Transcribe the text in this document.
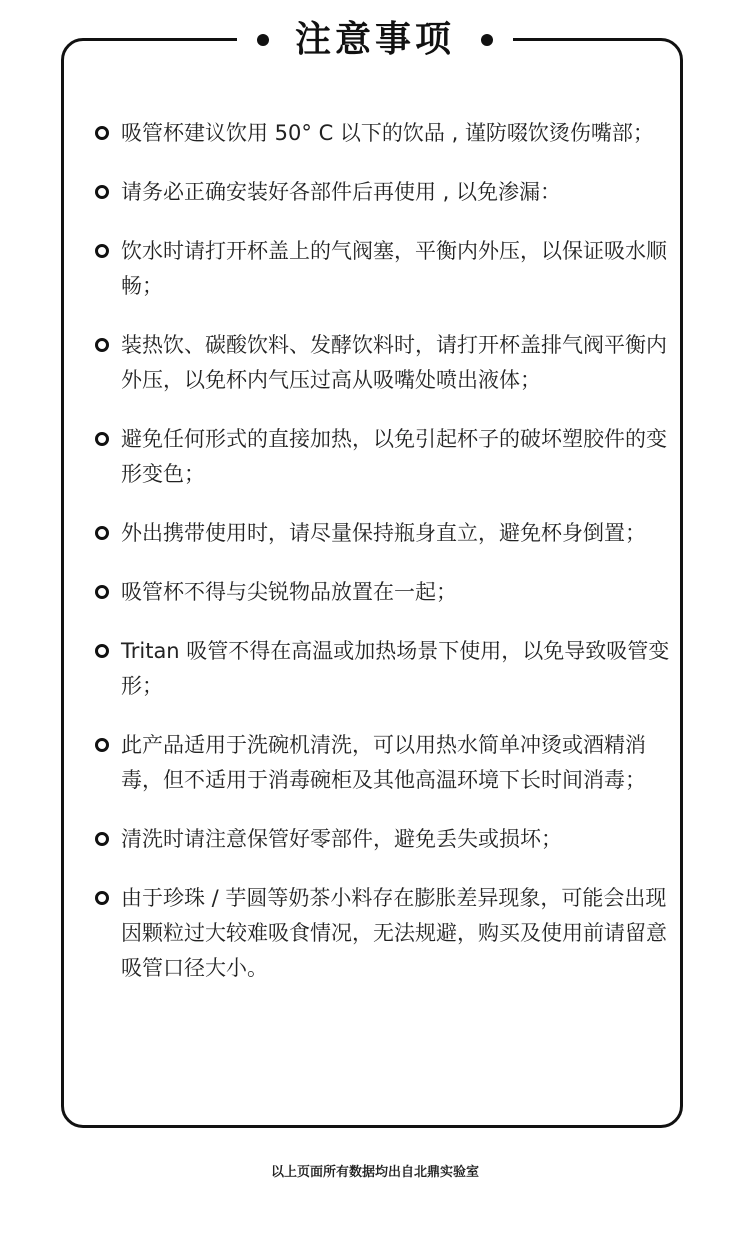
注意事项
吸管杯建议饮用 50° C 以下的饮品 , 谨防啜饮烫伤嘴部；
请务必正确安装好各部件后再使用 , 以免渗漏：
饮水时请打开杯盖上的气阀塞，平衡内外压，以保证吸水顺畅；
装热饮、碳酸饮料、发酵饮料时，请打开杯盖排气阀平衡内外压，以免杯内气压过高从吸嘴处喷出液体；
避免任何形式的直接加热，以免引起杯子的破坏塑胶件的变形变色；
外出携带使用时，请尽量保持瓶身直立，避免杯身倒置；
吸管杯不得与尖锐物品放置在一起；
Tritan 吸管不得在高温或加热场景下使用，以免导致吸管变形；
此产品适用于洗碗机清洗，可以用热水简单冲烫或酒精消毒，但不适用于消毒碗柜及其他高温环境下长时间消毒；
清洗时请注意保管好零部件，避免丢失或损坏；
由于珍珠 / 芋圆等奶茶小料存在膨胀差异现象，可能会出现因颗粒过大较难吸食情况，无法规避，购买及使用前请留意吸管口径大小。
以上页面所有数据均出自北鼎实验室
